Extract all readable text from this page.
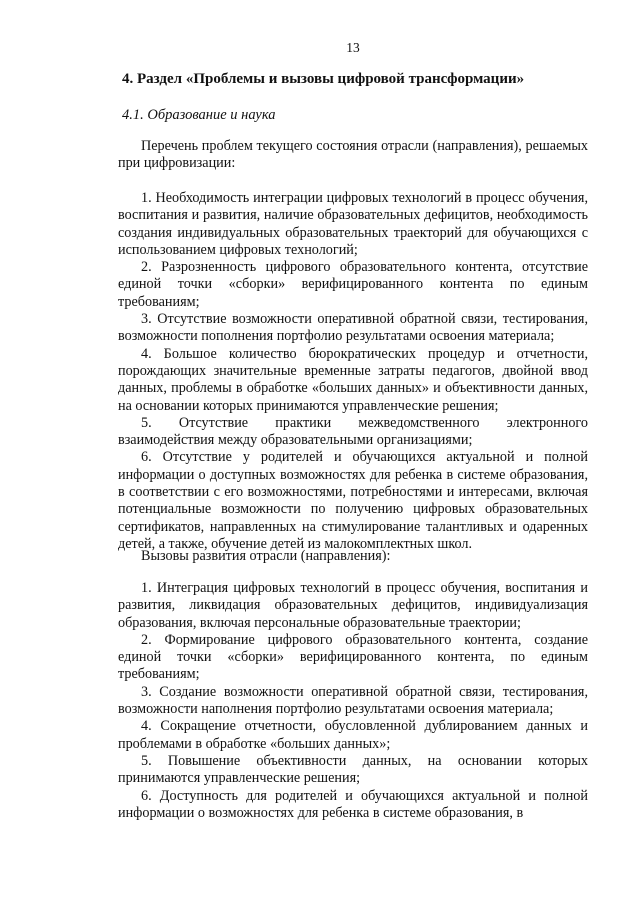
13
4. Раздел «Проблемы и вызовы цифровой трансформации»
4.1. Образование и наука

Перечень проблем текущего состояния отрасли (направления), решаемых при цифровизации:

1. Необходимость интеграции цифровых технологий в процесс обучения, воспитания и развития, наличие образовательных дефицитов, необходимость создания индивидуальных образовательных траекторий для обучающихся с использованием цифровых технологий;

2. Разрозненность цифрового образовательного контента, отсутствие единой точки «сборки» верифицированного контента по единым требованиям;

3. Отсутствие возможности оперативной обратной связи, тестирования, возможности пополнения портфолио результатами освоения материала;

4. Большое количество бюрократических процедур и отчетности, порождающих значительные временные затраты педагогов, двойной ввод данных, проблемы в обработке «больших данных» и объективности данных, на основании которых принимаются управленческие решения;

5. Отсутствие практики межведомственного электронного взаимодействия между образовательными организациями;

6. Отсутствие у родителей и обучающихся актуальной и полной информации о доступных возможностях для ребенка в системе образования, в соответствии с его возможностями, потребностями и интересами, включая потенциальные возможности по получению цифровых образовательных сертификатов, направленных на стимулирование талантливых и одаренных детей, а также, обучение детей из малокомплектных школ.

Вызовы развития отрасли (направления):

1. Интеграция цифровых технологий в процесс обучения, воспитания и развития, ликвидация образовательных дефицитов, индивидуализация образования, включая персональные образовательные траектории;

2. Формирование цифрового образовательного контента, создание единой точки «сборки» верифицированного контента, по единым требованиям;

3. Создание возможности оперативной обратной связи, тестирования, возможности наполнения портфолио результатами освоения материала;

4. Сокращение отчетности, обусловленной дублированием данных и проблемами в обработке «больших данных»;

5. Повышение объективности данных, на основании которых принимаются управленческие решения;

6. Доступность для родителей и обучающихся актуальной и полной информации о возможностях для ребенка в системе образования, в
